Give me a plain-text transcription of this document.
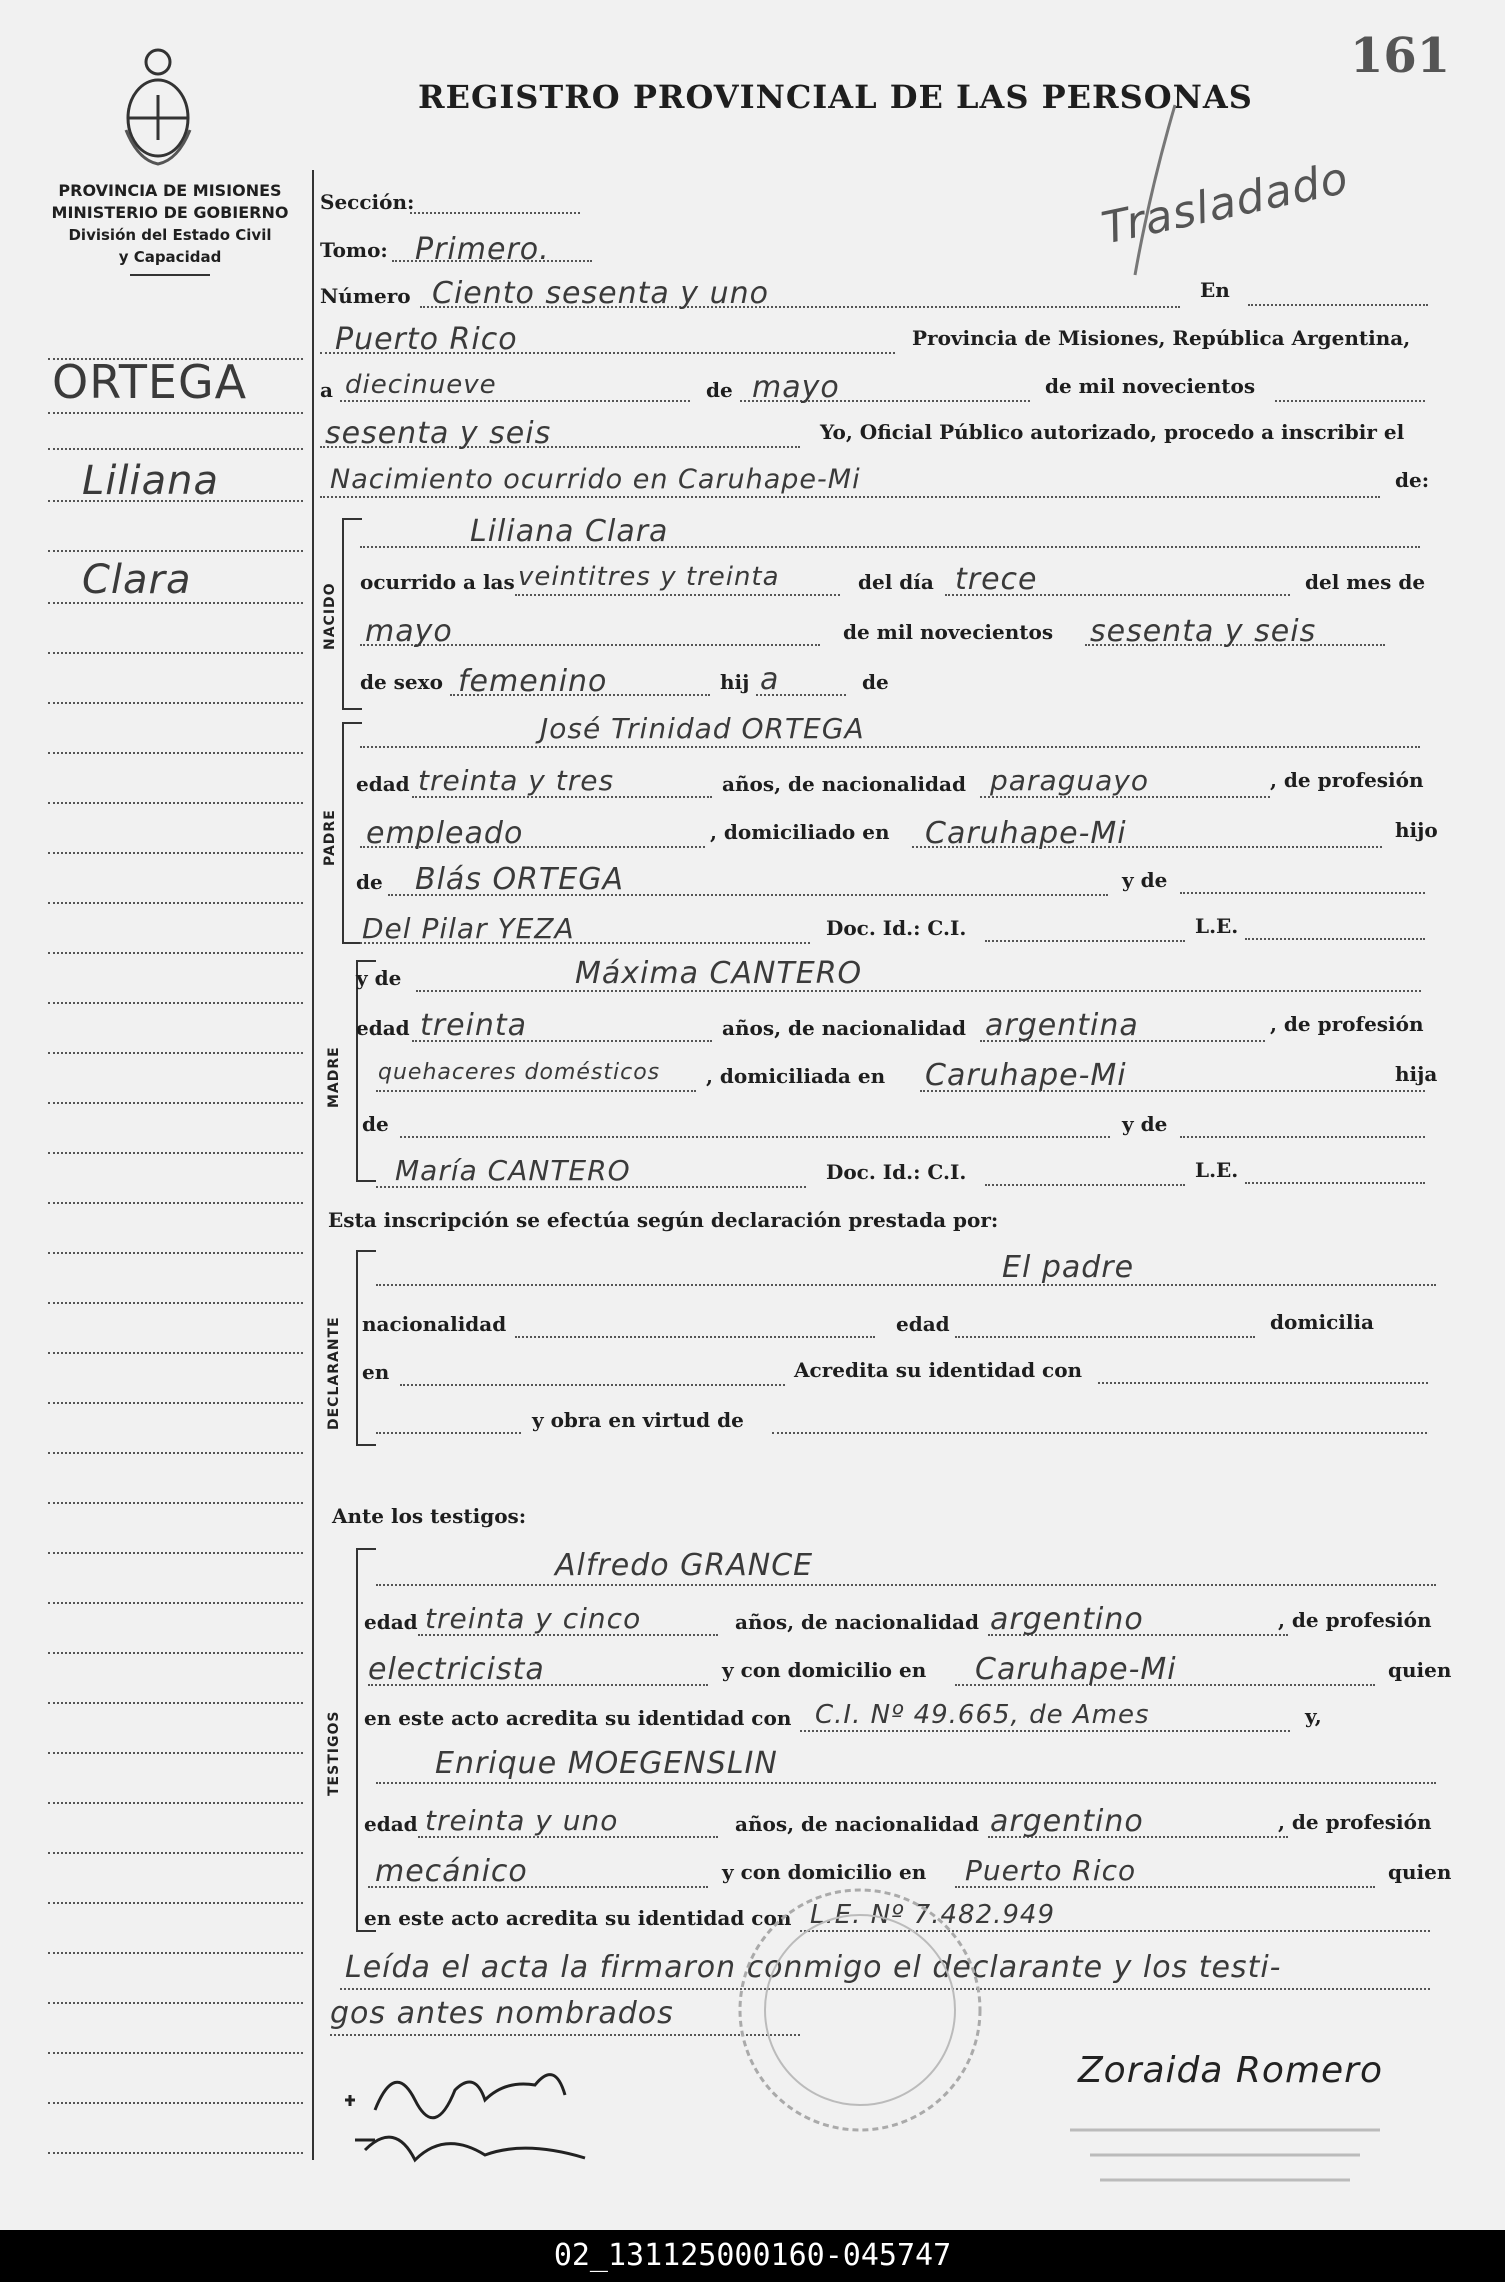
PROVINCIA DE MISIONES
MINISTERIO DE GOBIERNO
División del Estado Civil
y Capacidad
REGISTRO PROVINCIAL DE LAS PERSONAS
161
Trasladado
ORTEGA
Liliana
Clara
Sección:
Tomo: Primero.
Número Ciento sesenta y uno	En
Puerto Rico	Provincia de Misiones, República Argentina,
a diecinueve	de mayo	de mil novecientos
sesenta y seis	Yo, Oficial Público autorizado, procedo a inscribir el
Nacimiento ocurrido en Caruhape-Mi	de:
NACIDO
Liliana Clara
ocurrido a las veintitres y treinta	del día trece	del mes de
mayo	de mil novecientos sesenta y seis
de sexo femenino	hij a	de
PADRE
José Trinidad ORTEGA
edad treinta y tres	años, de nacionalidad paraguayo	, de profesión
empleado	, domiciliado en Caruhape-Mi	hijo
de Blás ORTEGA	y de
Del Pilar YEZA	Doc. Id.: C.I.	L.E.
MADRE
y de	Máxima CANTERO
edad treinta	años, de nacionalidad argentina	, de profesión
quehaceres domésticos , domiciliada en Caruhape-Mi	hija
de	y de
María CANTERO	Doc. Id.: C.I.	L.E.
Esta inscripción se efectúa según declaración prestada por:
DECLARANTE
El padre
nacionalidad	edad	domicilia
en	Acredita su identidad con
y obra en virtud de
Ante los testigos:
TESTIGOS
Alfredo GRANCE
edad treinta y cinco	años, de nacionalidad argentino	, de profesión
electricista	y con domicilio en Caruhape-Mi	quien
en este acto acredita su identidad con C.I. Nº 49.665, de Ames	y,
Enrique MOEGENSLIN
edad treinta y uno	años, de nacionalidad argentino	, de profesión
mecánico	y con domicilio en Puerto Rico	quien
en este acto acredita su identidad con L.E. Nº 7.482.949
Leída el acta la firmaron conmigo el declarante y los testi-
gos antes nombrados
Zoraida Romero
02_131125000160-045747
